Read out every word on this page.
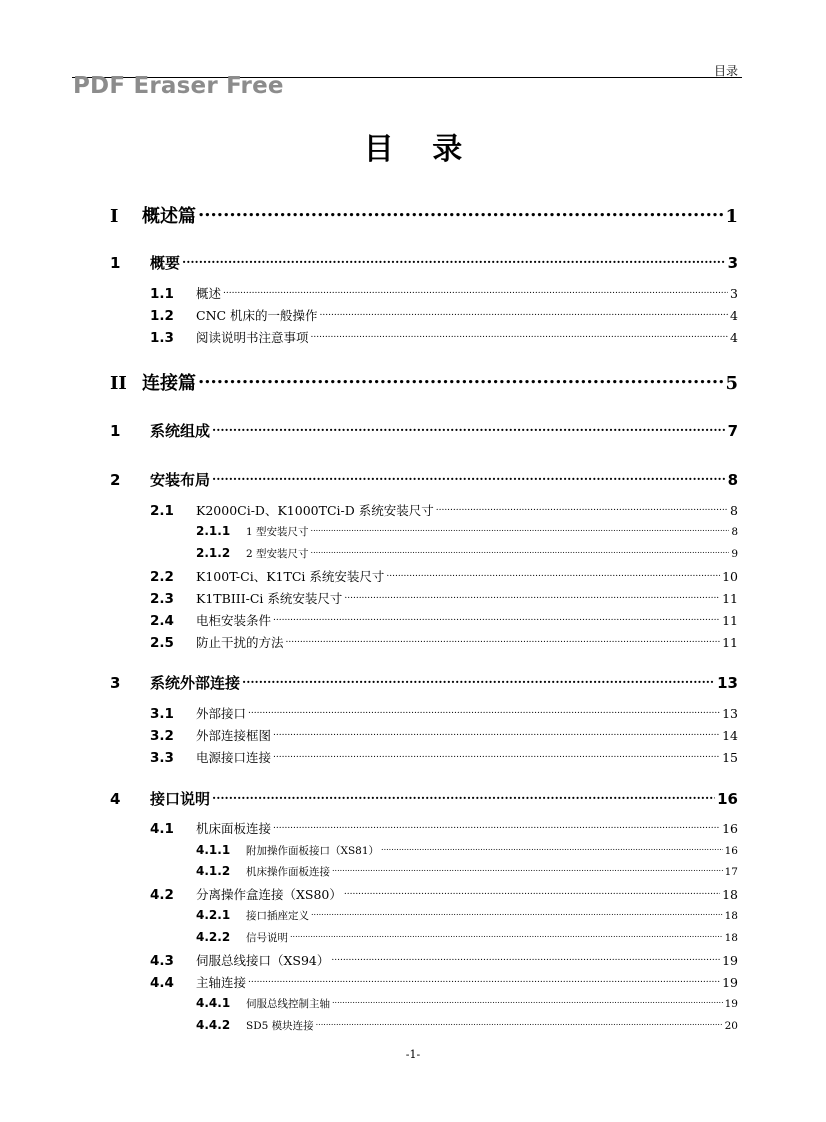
目录
PDF Eraser Free
目 录
I	概述篇 .....	1
1	概要 .....	3
1.1	概述 .....	3
1.2	CNC 机床的一般操作 .....	4
1.3	阅读说明书注意事项 .....	4
II 连接篇 .....	5
1	系统组成 .....	7
2	安装布局 .....	8
2.1	K2000Ci-D、K1000TCi-D 系统安装尺寸 .....	8
2.1.1	1 型安装尺寸 .....	8
2.1.2	2 型安装尺寸 .....	9
2.2	K100T-Ci、K1TCi 系统安装尺寸 .....	10
2.3	K1TBIII-Ci 系统安装尺寸 .....	11
2.4	电柜安装条件 .....	11
2.5	防止干扰的方法 .....	11
3	系统外部连接 .....	13
3.1	外部接口 .....	13
3.2	外部连接框图 .....	14
3.3	电源接口连接 .....	15
4	接口说明 .....	16
4.1	机床面板连接 .....	16
4.1.1	附加操作面板接口（XS81） .....	16
4.1.2	机床操作面板连接 .....	17
4.2	分离操作盒连接（XS80） .....	18
4.2.1	接口插座定义 .....	18
4.2.2	信号说明 .....	18
4.3	伺服总线接口（XS94） .....	19
4.4	主轴连接 .....	19
4.4.1	伺服总线控制主轴 .....	19
4.4.2	SD5 模块连接 .....	20
-1-
